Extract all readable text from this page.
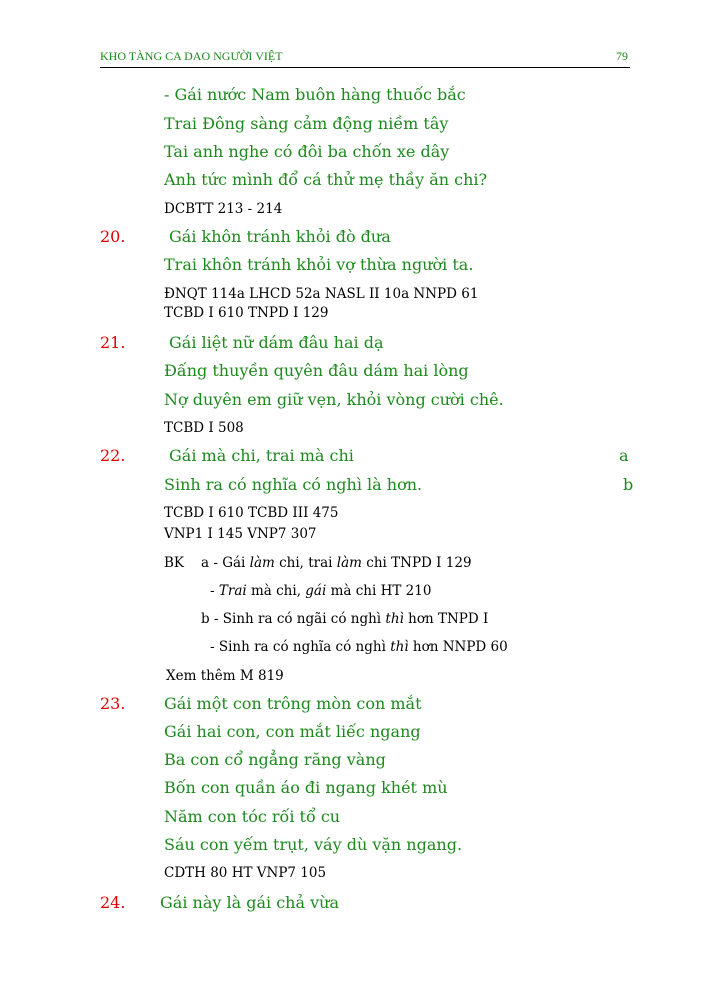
KHO TÀNG CA DAO NGƯỜI VIỆT	79
- Gái nước Nam buôn hàng thuốc bắc
Trai Đông sàng cảm động niềm tây
Tai anh nghe có đôi ba chốn xe dây
Anh tức mình đổ cá thử mẹ thầy ăn chi?
DCBTT 213 - 214
20.	Gái khôn tránh khỏi đò đưa
Trai khôn tránh khỏi vợ thừa người ta.
ĐNQT 114a LHCD 52a NASL II 10a NNPD 61
TCBD I 610 TNPD I 129
21.	Gái liệt nữ dám đâu hai dạ
Đấng thuyền quyên đâu dám hai lòng
Nợ duyên em giữ vẹn, khỏi vòng cười chê.
TCBD I 508
22.	Gái mà chi, trai mà chi	a
Sinh ra có nghĩa có nghì là hơn.	b
TCBD I 610 TCBD III 475
VNP1 I 145 VNP7 307
BK a - Gái làm chi, trai làm chi TNPD I 129
- Trai mà chi, gái mà chi HT 210
b - Sinh ra có ngãi có nghì thì hơn TNPD I
- Sinh ra có nghĩa có nghì thì hơn NNPD 60
Xem thêm M 819
23. Gái một con trông mòn con mắt
Gái hai con, con mắt liếc ngang
Ba con cổ ngẳng răng vàng
Bốn con quần áo đi ngang khét mù
Năm con tóc rối tổ cu
Sáu con yếm trụt, váy dù vặn ngang.
CDTH 80 HT VNP7 105
24. Gái này là gái chả vừa
